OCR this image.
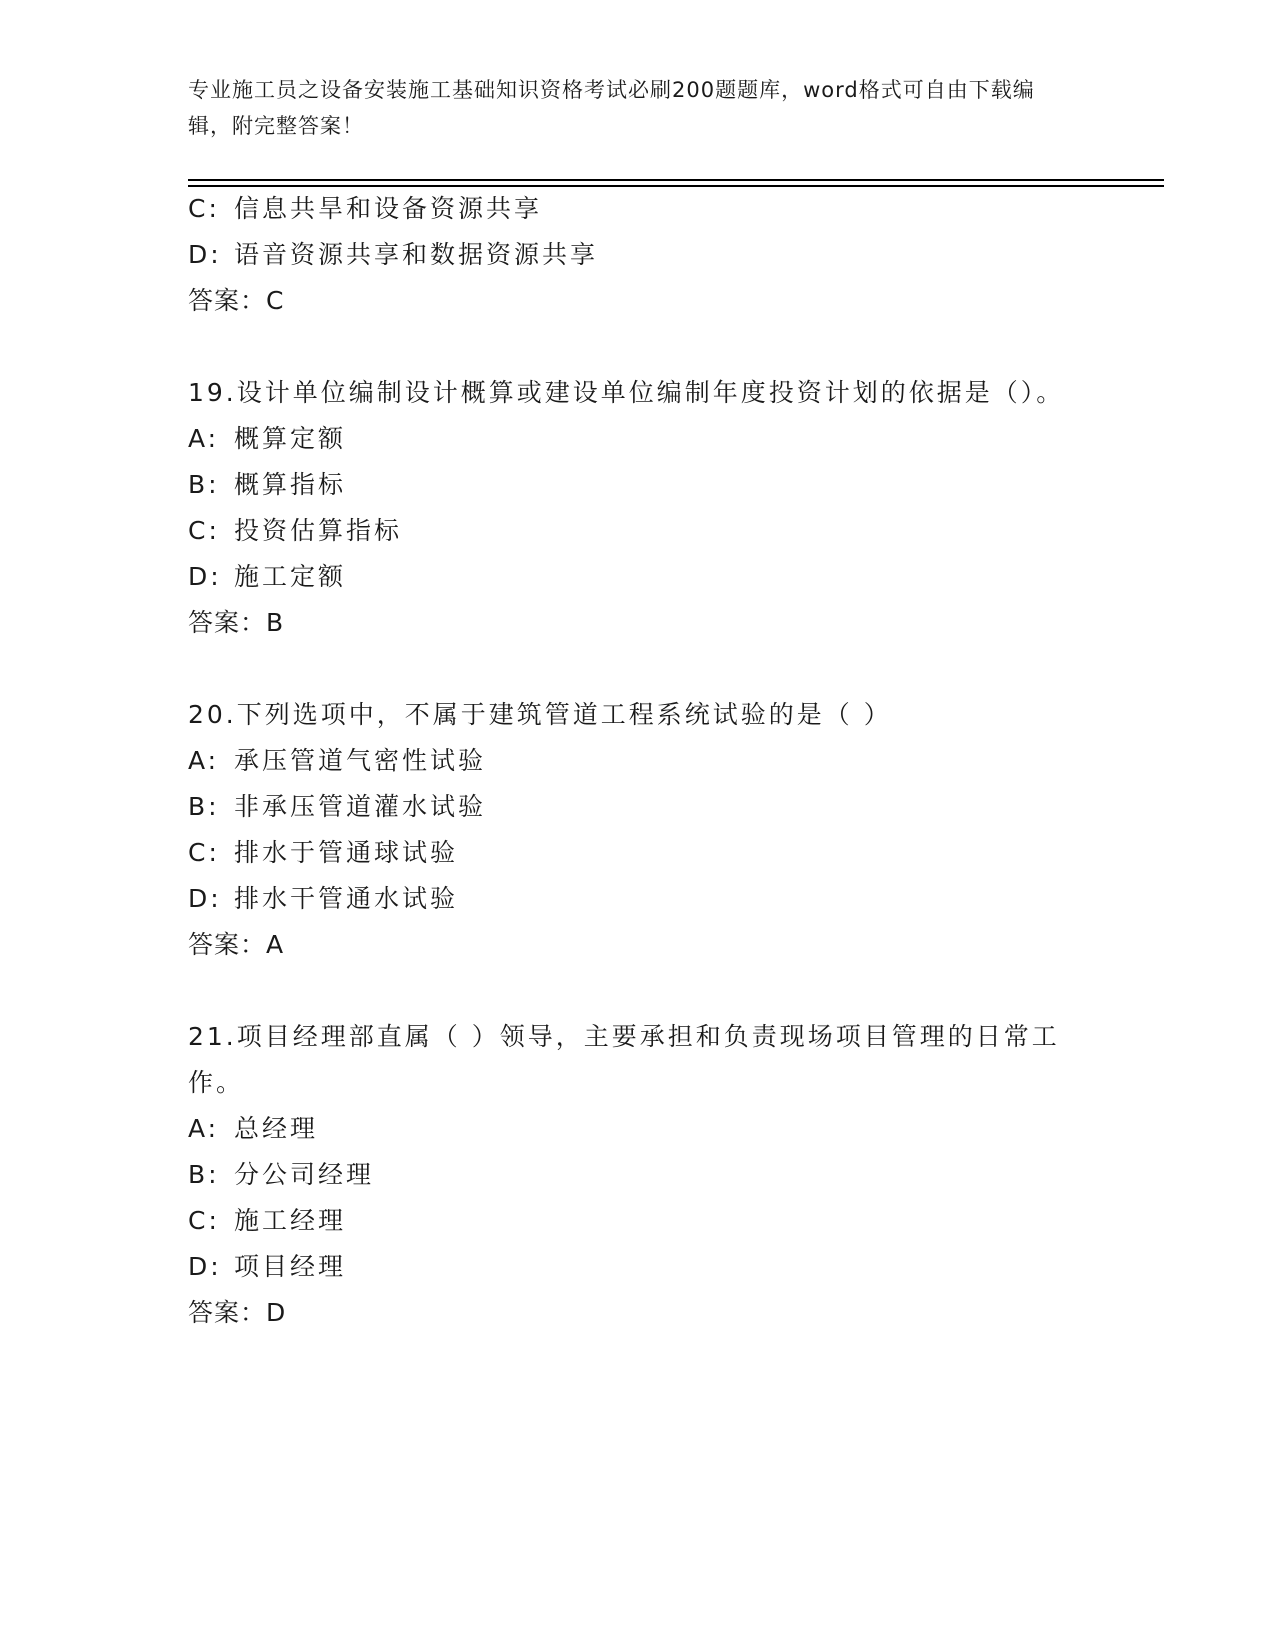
专业施工员之设备安装施工基础知识资格考试必刷200题题库，word格式可自由下载编辑，附完整答案！
C: 信息共旱和设备资源共享
D: 语音资源共享和数据资源共享
答案：C
19.设计单位编制设计概算或建设单位编制年度投资计划的依据是（）。
A: 概算定额
B: 概算指标
C: 投资估算指标
D: 施工定额
答案：B
20.下列选项中，不属于建筑管道工程系统试验的是（ ）
A: 承压管道气密性试验
B: 非承压管道灌水试验
C: 排水于管通球试验
D: 排水干管通水试验
答案：A
21.项目经理部直属（ ）领导，主要承担和负责现场项目管理的日常工作。
A: 总经理
B: 分公司经理
C: 施工经理
D: 项目经理
答案：D
